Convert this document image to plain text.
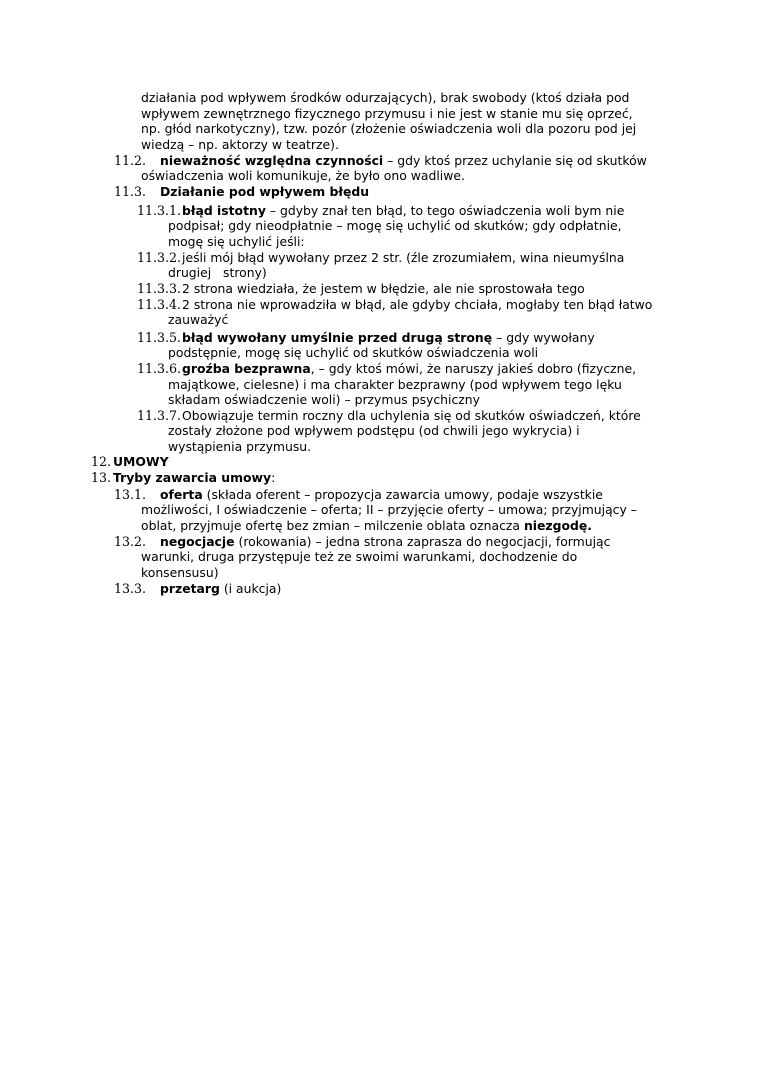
działania pod wpływem środków odurzających), brak swobody (ktoś działa pod
wpływem zewnętrznego fizycznego przymusu i nie jest w stanie mu się oprzeć,
np. głód narkotyczny), tzw. pozór (złożenie oświadczenia woli dla pozoru pod jej
wiedzą – np. aktorzy w teatrze).
11.2. nieważność względna czynności – gdy ktoś przez uchylanie się od skutków
oświadczenia woli komunikuje, że było ono wadliwe.
11.3. Działanie pod wpływem błędu
11.3.1. błąd istotny – gdyby znał ten błąd, to tego oświadczenia woli bym nie
podpisał; gdy nieodpłatnie – mogę się uchylić od skutków; gdy odpłatnie,
mogę się uchylić jeśli:
11.3.2. jeśli mój błąd wywołany przez 2 str. (źle zrozumiałem, wina nieumyślna
drugiej   strony)
11.3.3. 2 strona wiedziała, że jestem w błędzie, ale nie sprostowała tego
11.3.4. 2 strona nie wprowadziła w błąd, ale gdyby chciała, mogłaby ten błąd łatwo
zauważyć
11.3.5. błąd wywołany umyślnie przed drugą stronę – gdy wywołany
podstępnie, mogę się uchylić od skutków oświadczenia woli
11.3.6. groźba bezprawna, – gdy ktoś mówi, że naruszy jakieś dobro (fizyczne,
majątkowe, cielesne) i ma charakter bezprawny (pod wpływem tego lęku
składam oświadczenie woli) – przymus psychiczny
11.3.7. Obowiązuje termin roczny dla uchylenia się od skutków oświadczeń, które
zostały złożone pod wpływem podstępu (od chwili jego wykrycia) i
wystąpienia przymusu.
12. UMOWY
13. Tryby zawarcia umowy:
13.1. oferta (składa oferent – propozycja zawarcia umowy, podaje wszystkie
możliwości, I oświadczenie – oferta; II – przyjęcie oferty – umowa; przyjmujący –
oblat, przyjmuje ofertę bez zmian – milczenie oblata oznacza niezgodę.
13.2. negocjacje (rokowania) – jedna strona zaprasza do negocjacji, formując
warunki, druga przystępuje też ze swoimi warunkami, dochodzenie do
konsensusu)
13.3. przetarg (i aukcja)
